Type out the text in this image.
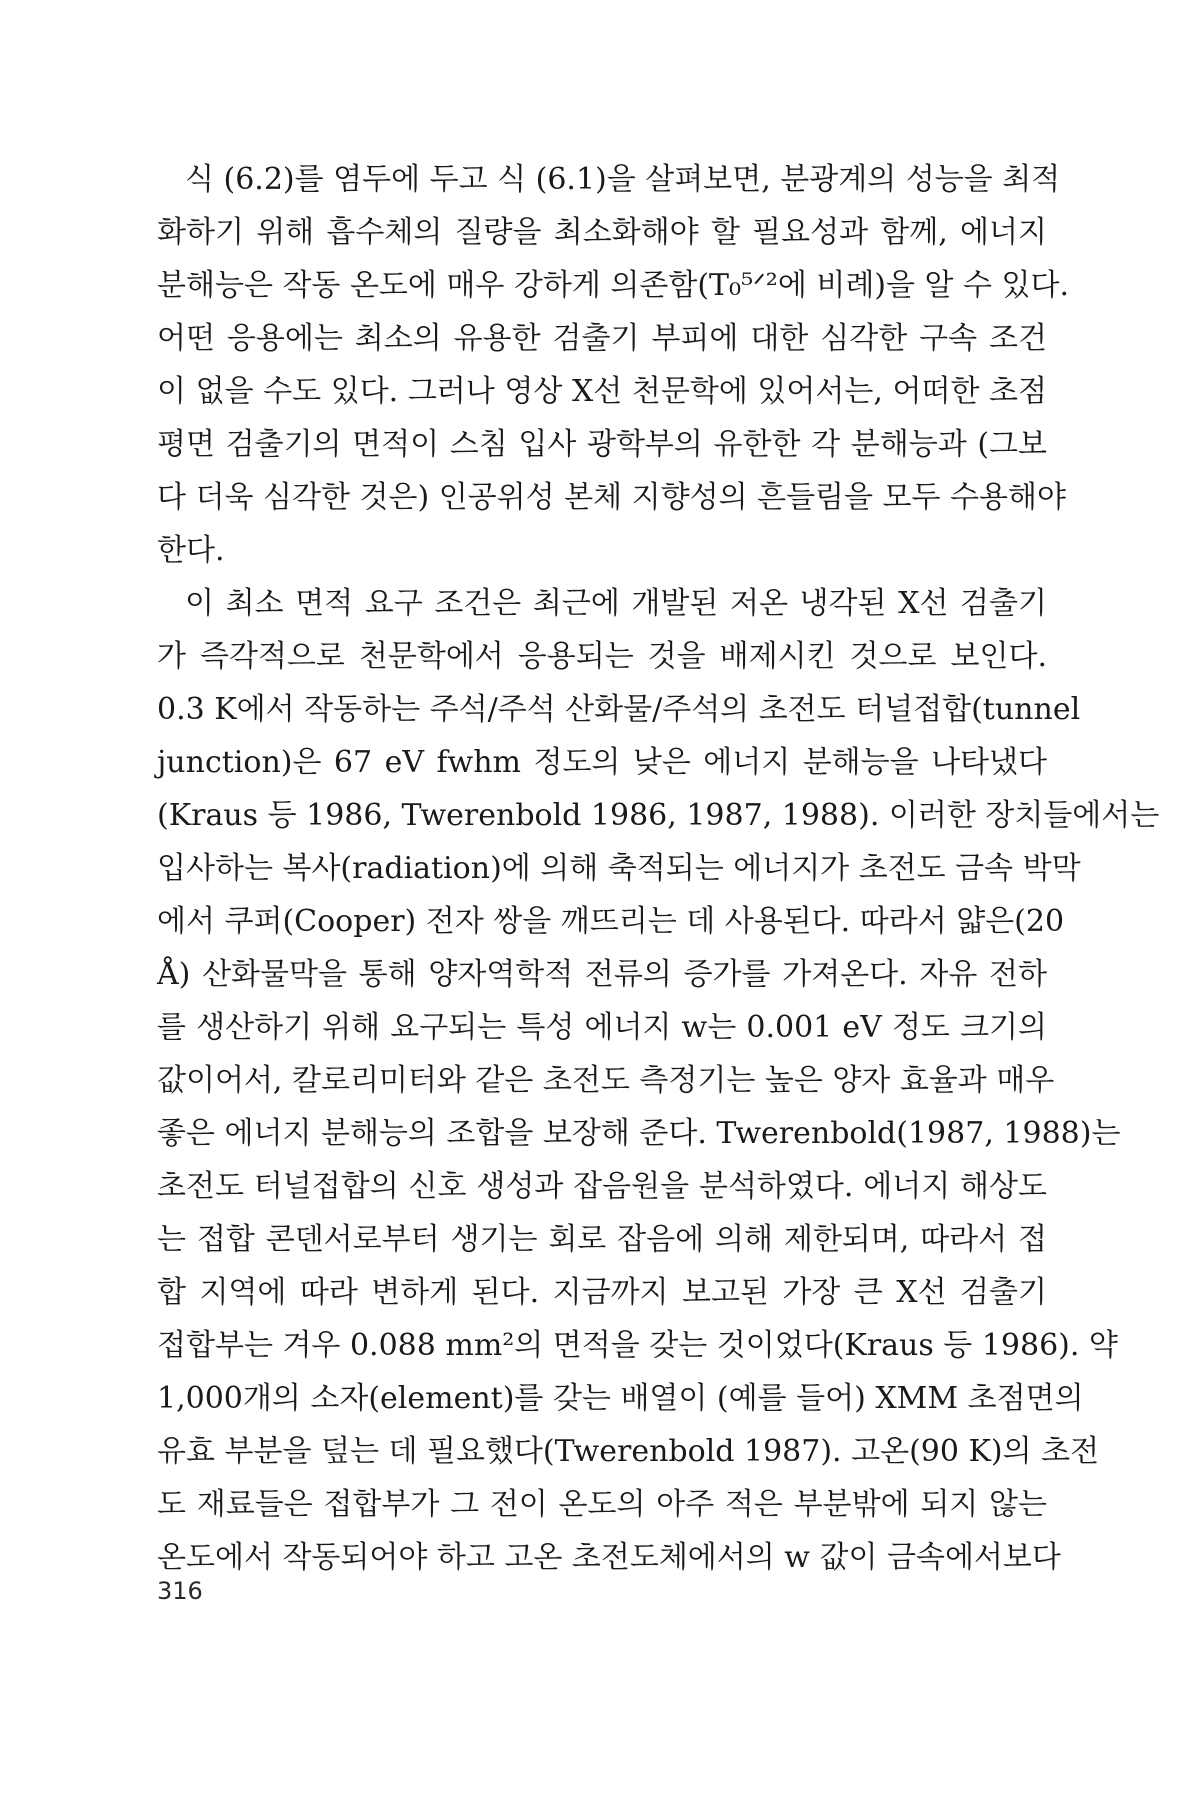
식 (6.2)를 염두에 두고 식 (6.1)을 살펴보면, 분광계의 성능을 최적
화하기 위해 흡수체의 질량을 최소화해야 할 필요성과 함께, 에너지
분해능은 작동 온도에 매우 강하게 의존함(T₀⁵ᐟ²에 비례)을 알 수 있다.
어떤 응용에는 최소의 유용한 검출기 부피에 대한 심각한 구속 조건
이 없을 수도 있다. 그러나 영상 X선 천문학에 있어서는, 어떠한 초점
평면 검출기의 면적이 스침 입사 광학부의 유한한 각 분해능과 (그보
다 더욱 심각한 것은) 인공위성 본체 지향성의 흔들림을 모두 수용해야
한다.
이 최소 면적 요구 조건은 최근에 개발된 저온 냉각된 X선 검출기
가 즉각적으로 천문학에서 응용되는 것을 배제시킨 것으로 보인다.
0.3 K에서 작동하는 주석/주석 산화물/주석의 초전도 터널접합(tunnel
junction)은 67 eV fwhm 정도의 낮은 에너지 분해능을 나타냈다
(Kraus 등 1986, Twerenbold 1986, 1987, 1988). 이러한 장치들에서는
입사하는 복사(radiation)에 의해 축적되는 에너지가 초전도 금속 박막
에서 쿠퍼(Cooper) 전자 쌍을 깨뜨리는 데 사용된다. 따라서 얇은(20
Å) 산화물막을 통해 양자역학적 전류의 증가를 가져온다. 자유 전하
를 생산하기 위해 요구되는 특성 에너지 w는 0.001 eV 정도 크기의
값이어서, 칼로리미터와 같은 초전도 측정기는 높은 양자 효율과 매우
좋은 에너지 분해능의 조합을 보장해 준다. Twerenbold(1987, 1988)는
초전도 터널접합의 신호 생성과 잡음원을 분석하였다. 에너지 해상도
는 접합 콘덴서로부터 생기는 회로 잡음에 의해 제한되며, 따라서 접
합 지역에 따라 변하게 된다. 지금까지 보고된 가장 큰 X선 검출기
접합부는 겨우 0.088 mm²의 면적을 갖는 것이었다(Kraus 등 1986). 약
1,000개의 소자(element)를 갖는 배열이 (예를 들어) XMM 초점면의
유효 부분을 덮는 데 필요했다(Twerenbold 1987). 고온(90 K)의 초전
도 재료들은 접합부가 그 전이 온도의 아주 적은 부분밖에 되지 않는
온도에서 작동되어야 하고 고온 초전도체에서의 w 값이 금속에서보다
316
